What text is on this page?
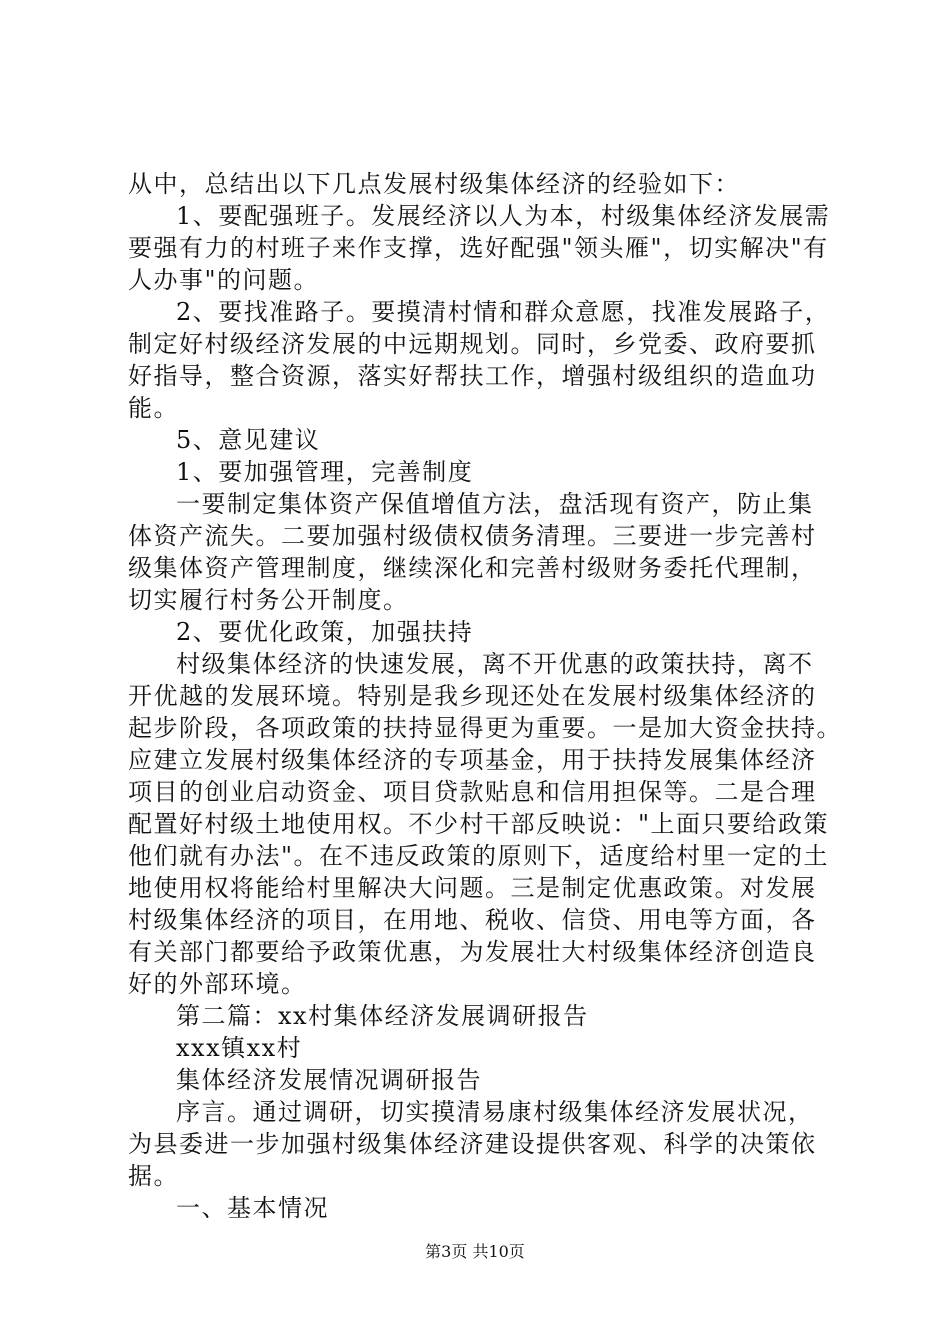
从中，总结出以下几点发展村级集体经济的经验如下：

1、要配强班子。发展经济以人为本，村级集体经济发展需

要强有力的村班子来作支撑，选好配强"领头雁"，切实解决"有

人办事"的问题。

2、要找准路子。要摸清村情和群众意愿，找准发展路子，

制定好村级经济发展的中远期规划。同时，乡党委、政府要抓

好指导，整合资源，落实好帮扶工作，增强村级组织的造血功

能。

5、意见建议

1、要加强管理，完善制度

一要制定集体资产保值增值方法，盘活现有资产，防止集

体资产流失。二要加强村级债权债务清理。三要进一步完善村

级集体资产管理制度，继续深化和完善村级财务委托代理制，

切实履行村务公开制度。

2、要优化政策，加强扶持

村级集体经济的快速发展，离不开优惠的政策扶持，离不

开优越的发展环境。特别是我乡现还处在发展村级集体经济的

起步阶段，各项政策的扶持显得更为重要。一是加大资金扶持。

应建立发展村级集体经济的专项基金，用于扶持发展集体经济

项目的创业启动资金、项目贷款贴息和信用担保等。二是合理

配置好村级土地使用权。不少村干部反映说："上面只要给政策

他们就有办法"。在不违反政策的原则下，适度给村里一定的土

地使用权将能给村里解决大问题。三是制定优惠政策。对发展

村级集体经济的项目，在用地、税收、信贷、用电等方面，各

有关部门都要给予政策优惠，为发展壮大村级集体经济创造良

好的外部环境。

第二篇：xx村集体经济发展调研报告

xxx镇xx村

集体经济发展情况调研报告

序言。通过调研，切实摸清易康村级集体经济发展状况，

为县委进一步加强村级集体经济建设提供客观、科学的决策依

据。

一、基本情况

第3页 共10页
